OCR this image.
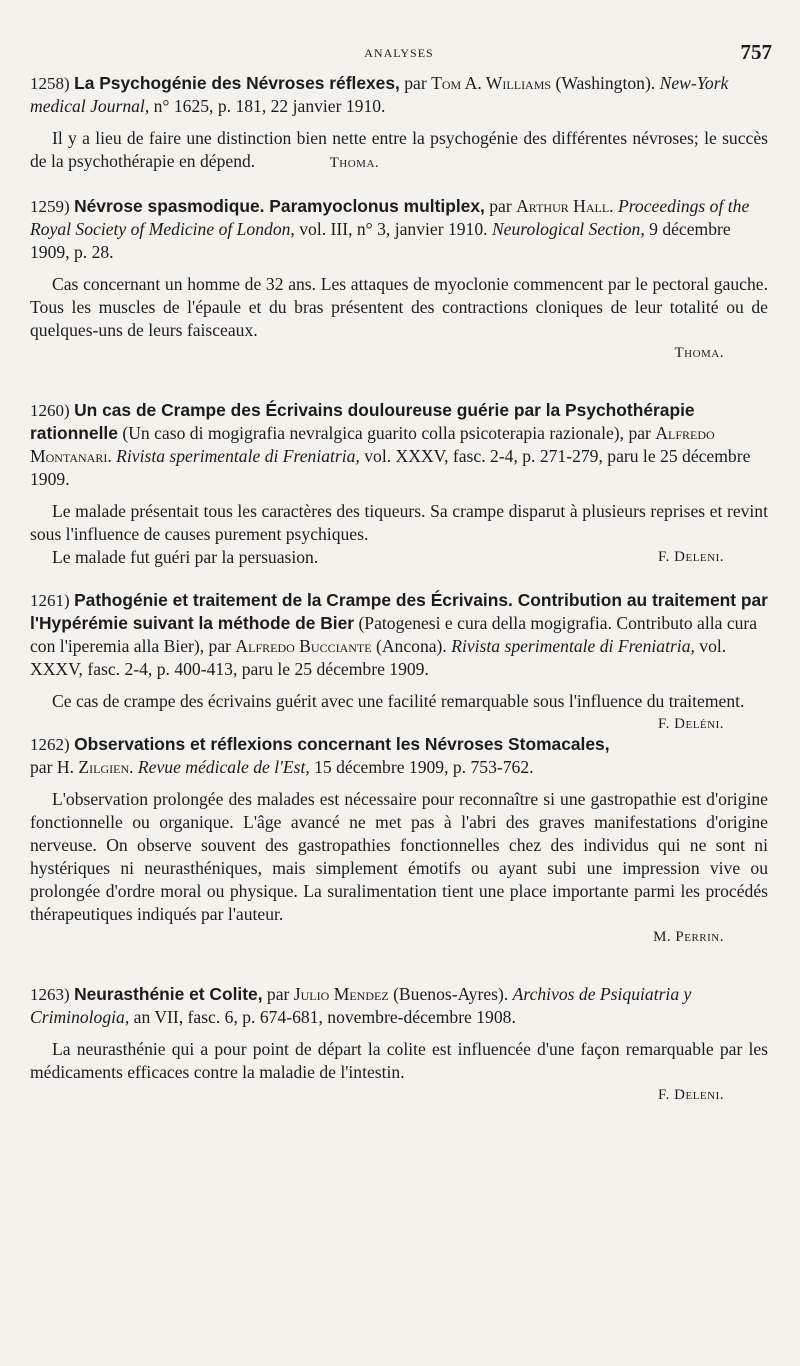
ANALYSES	757

1258) La Psychogénie des Névroses réflexes, par Tom A. Williams (Washington). New-York medical Journal, n° 1625, p. 181, 22 janvier 1910.

Il y a lieu de faire une distinction bien nette entre la psychogénie des différentes névroses; le succès de la psychothérapie en dépend.	Thoma.

1259) Névrose spasmodique. Paramyoclonus multiplex, par Arthur Hall. Proceedings of the Royal Society of Medicine of London, vol. III, n° 3, janvier 1910. Neurological Section, 9 décembre 1909, p. 28.

Cas concernant un homme de 32 ans. Les attaques de myoclonie commencent par le pectoral gauche. Tous les muscles de l'épaule et du bras présentent des contractions cloniques de leur totalité ou de quelques-uns de leurs faisceaux.

Thoma.

1260) Un cas de Crampe des Écrivains douloureuse guérie par la Psychothérapie rationnelle (Un caso di mogigrafia nevralgica guarito colla psicoterapia razionale), par Alfredo Montanari. Rivista sperimentale di Freniatria, vol. XXXV, fasc. 2-4, p. 271-279, paru le 25 décembre 1909.

Le malade présentait tous les caractères des tiqueurs. Sa crampe disparut à plusieurs reprises et revint sous l'influence de causes purement psychiques.

Le malade fut guéri par la persuasion.	F. Deleni.

1261) Pathogénie et traitement de la Crampe des Écrivains. Contribution au traitement par l'Hypérémie suivant la méthode de Bier (Patogenesi e cura della mogigrafia. Contributo alla cura con l'iperemia alla Bier), par Alfredo Bucciante (Ancona). Rivista sperimentale di Freniatria, vol. XXXV, fasc. 2-4, p. 400-413, paru le 25 décembre 1909.

Ce cas de crampe des écrivains guérit avec une facilité remarquable sous l'influence du traitement.
F. Deléni.

1262) Observations et réflexions concernant les Névroses Stomacales, par H. Zilgien. Revue médicale de l'Est, 15 décembre 1909, p. 753-762.

L'observation prolongée des malades est nécessaire pour reconnaître si une gastropathie est d'origine fonctionnelle ou organique. L'âge avancé ne met pas à l'abri des graves manifestations d'origine nerveuse. On observe souvent des gastropathies fonctionnelles chez des individus qui ne sont ni hystériques ni neurasthéniques, mais simplement émotifs ou ayant subi une impression vive ou prolongée d'ordre moral ou physique. La suralimentation tient une place importante parmi les procédés thérapeutiques indiqués par l'auteur.

M. Perrin.

1263) Neurasthénie et Colite, par Julio Mendez (Buenos-Ayres). Archivos de Psiquiatria y Criminologia, an VII, fasc. 6, p. 674-681, novembre-décembre 1908.

La neurasthénie qui a pour point de départ la colite est influencée d'une façon remarquable par les médicaments efficaces contre la maladie de l'intestin.

F. Deleni.
